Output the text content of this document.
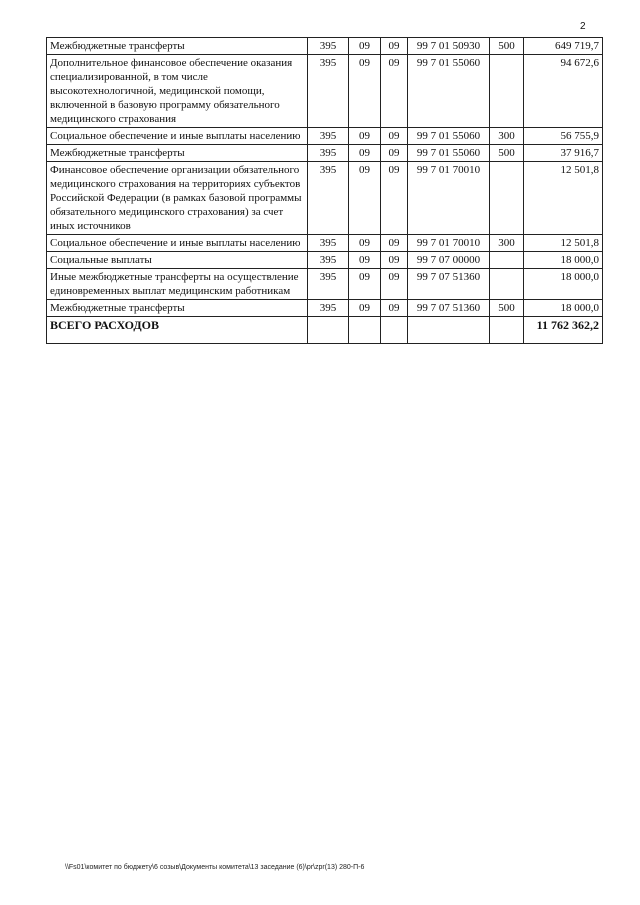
2
Межбюджетные трансферты	395	09	09	99 7 01 50930	500	649 719,7
Дополнительное финансовое обеспечение оказания специализированной, в том числе высокотехнологичной, медицинской помощи, включенной в базовую программу обязательного медицинского страхования	395	09	09	99 7 01 55060		94 672,6
Социальное обеспечение и иные выплаты населению	395	09	09	99 7 01 55060	300	56 755,9
Межбюджетные трансферты	395	09	09	99 7 01 55060	500	37 916,7
Финансовое обеспечение организации обязательного медицинского страхования на территориях субъектов Российской Федерации (в рамках базовой программы обязательного медицинского страхования) за счет иных источников	395	09	09	99 7 01 70010		12 501,8
Социальное обеспечение и иные выплаты населению	395	09	09	99 7 01 70010	300	12 501,8
Социальные выплаты	395	09	09	99 7 07 00000		18 000,0
Иные межбюджетные трансферты на осуществление единовременных выплат медицинским работникам	395	09	09	99 7 07 51360		18 000,0
Межбюджетные трансферты	395	09	09	99 7 07 51360	500	18 000,0
ВСЕГО РАСХОДОВ						11 762 362,2
\\Fs01\комитет по бюджету\6 созыв\Документы комитета\13 заседание (6)\pr\zpr(13) 280-П-6
